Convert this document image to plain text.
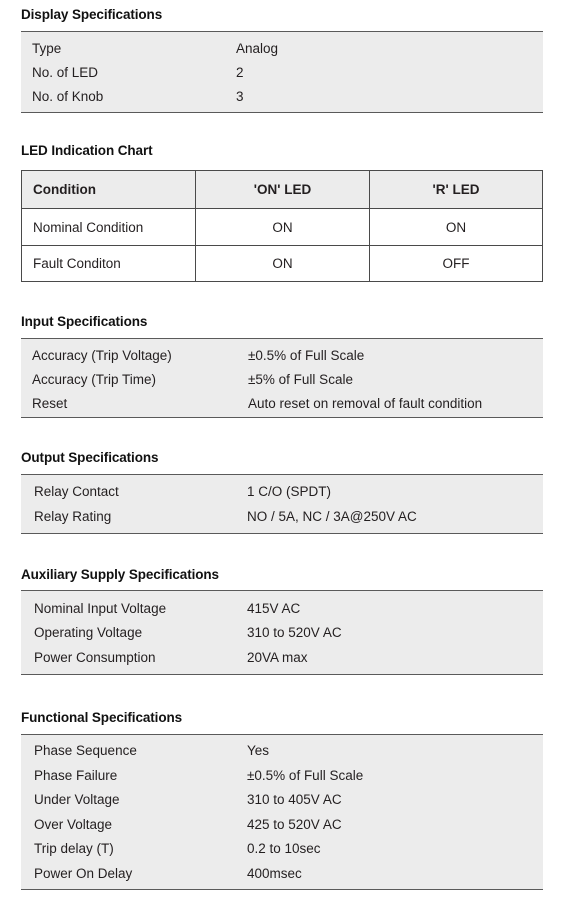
Display Specifications
Type	Analog
No. of LED	2
No. of Knob	3
LED Indication Chart
Condition	'ON' LED	'R' LED
Nominal Condition	ON	ON
Fault Conditon	ON	OFF
Input Specifications
Accuracy (Trip Voltage)	±0.5% of Full Scale
Accuracy (Trip Time)	±5% of Full Scale
Reset	Auto reset on removal of fault condition
Output Specifications
Relay Contact	1 C/O (SPDT)
Relay Rating	NO / 5A, NC / 3A@250V AC
Auxiliary Supply Specifications
Nominal Input Voltage	415V AC
Operating Voltage	310 to 520V AC
Power Consumption	20VA max
Functional Specifications
Phase Sequence	Yes
Phase Failure	±0.5% of Full Scale
Under Voltage	310 to 405V AC
Over Voltage	425 to 520V AC
Trip delay (T)	0.2 to 10sec
Power On Delay	400msec
